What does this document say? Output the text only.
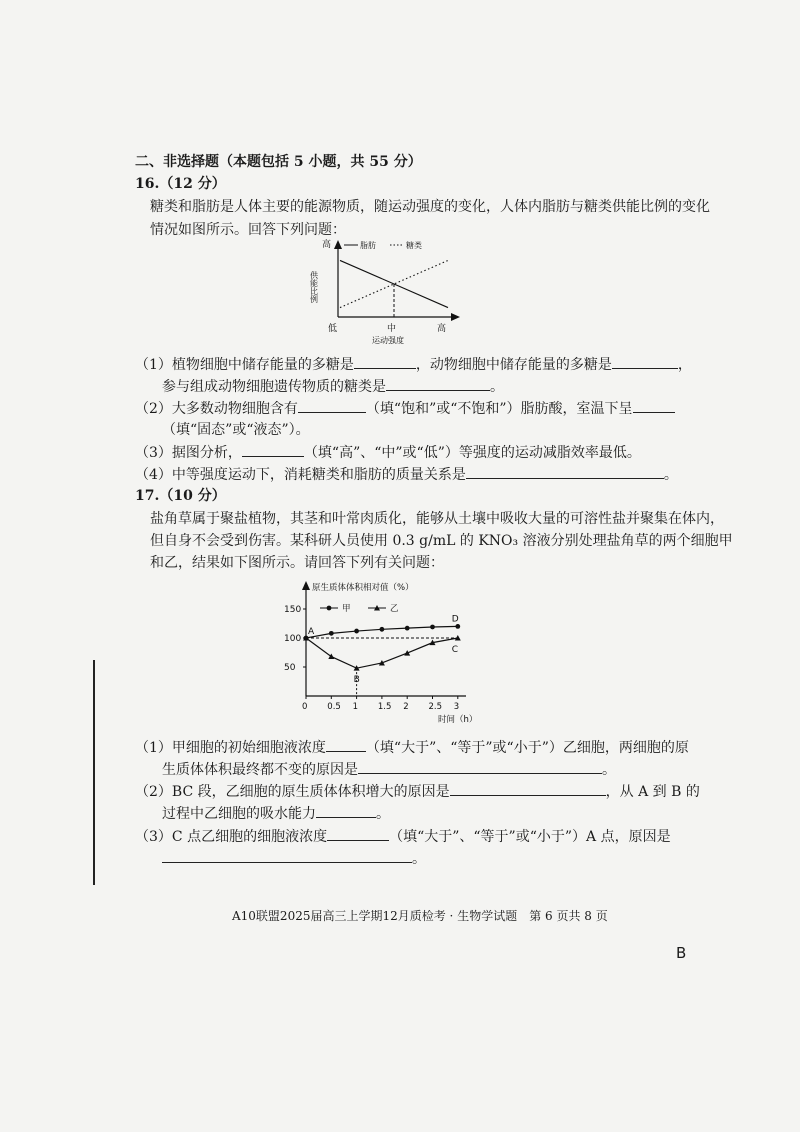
二、非选择题（本题包括 5 小题，共 55 分）
16.（12 分）
糖类和脂肪是人体主要的能源物质，随运动强度的变化，人体内脂肪与糖类供能比例的变化
情况如图所示。回答下列问题：
高
供能比例
脂肪	糖类
低	中	高
运动强度
（1）植物细胞中储存能量的多糖是	，动物细胞中储存能量的多糖是	，
参与组成动物细胞遗传物质的糖类是	。
（2）大多数动物细胞含有	（填“饱和”或“不饱和”）脂肪酸，室温下呈
（填“固态”或“液态”）。
（3）据图分析，	（填“高”、“中”或“低”）等强度的运动减脂效率最低。
（4）中等强度运动下，消耗糖类和脂肪的质量关系是	。
17.（10 分）
盐角草属于聚盐植物，其茎和叶常肉质化，能够从土壤中吸收大量的可溶性盐并聚集在体内，
但自身不会受到伤害。某科研人员使用 0.3 g/mL 的 KNO₃ 溶液分别处理盐角草的两个细胞甲
和乙，结果如下图所示。请回答下列有关问题：
原生质体体积相对值（%）
50
100
150
0 0.5 1 1.5 2 2.5 3
甲	乙
A
B
C
D
时间（h）
（1）甲细胞的初始细胞液浓度	（填“大于”、“等于”或“小于”）乙细胞，两细胞的原
生质体体积最终都不变的原因是	。
（2）BC 段，乙细胞的原生质体体积增大的原因是	，从 A 到 B 的
过程中乙细胞的吸水能力	。
（3）C 点乙细胞的细胞液浓度	（填“大于”、“等于”或“小于”）A 点，原因是
。
A10联盟2025届高三上学期12月质检考 · 生物学试题　第 6 页共 8 页
B
